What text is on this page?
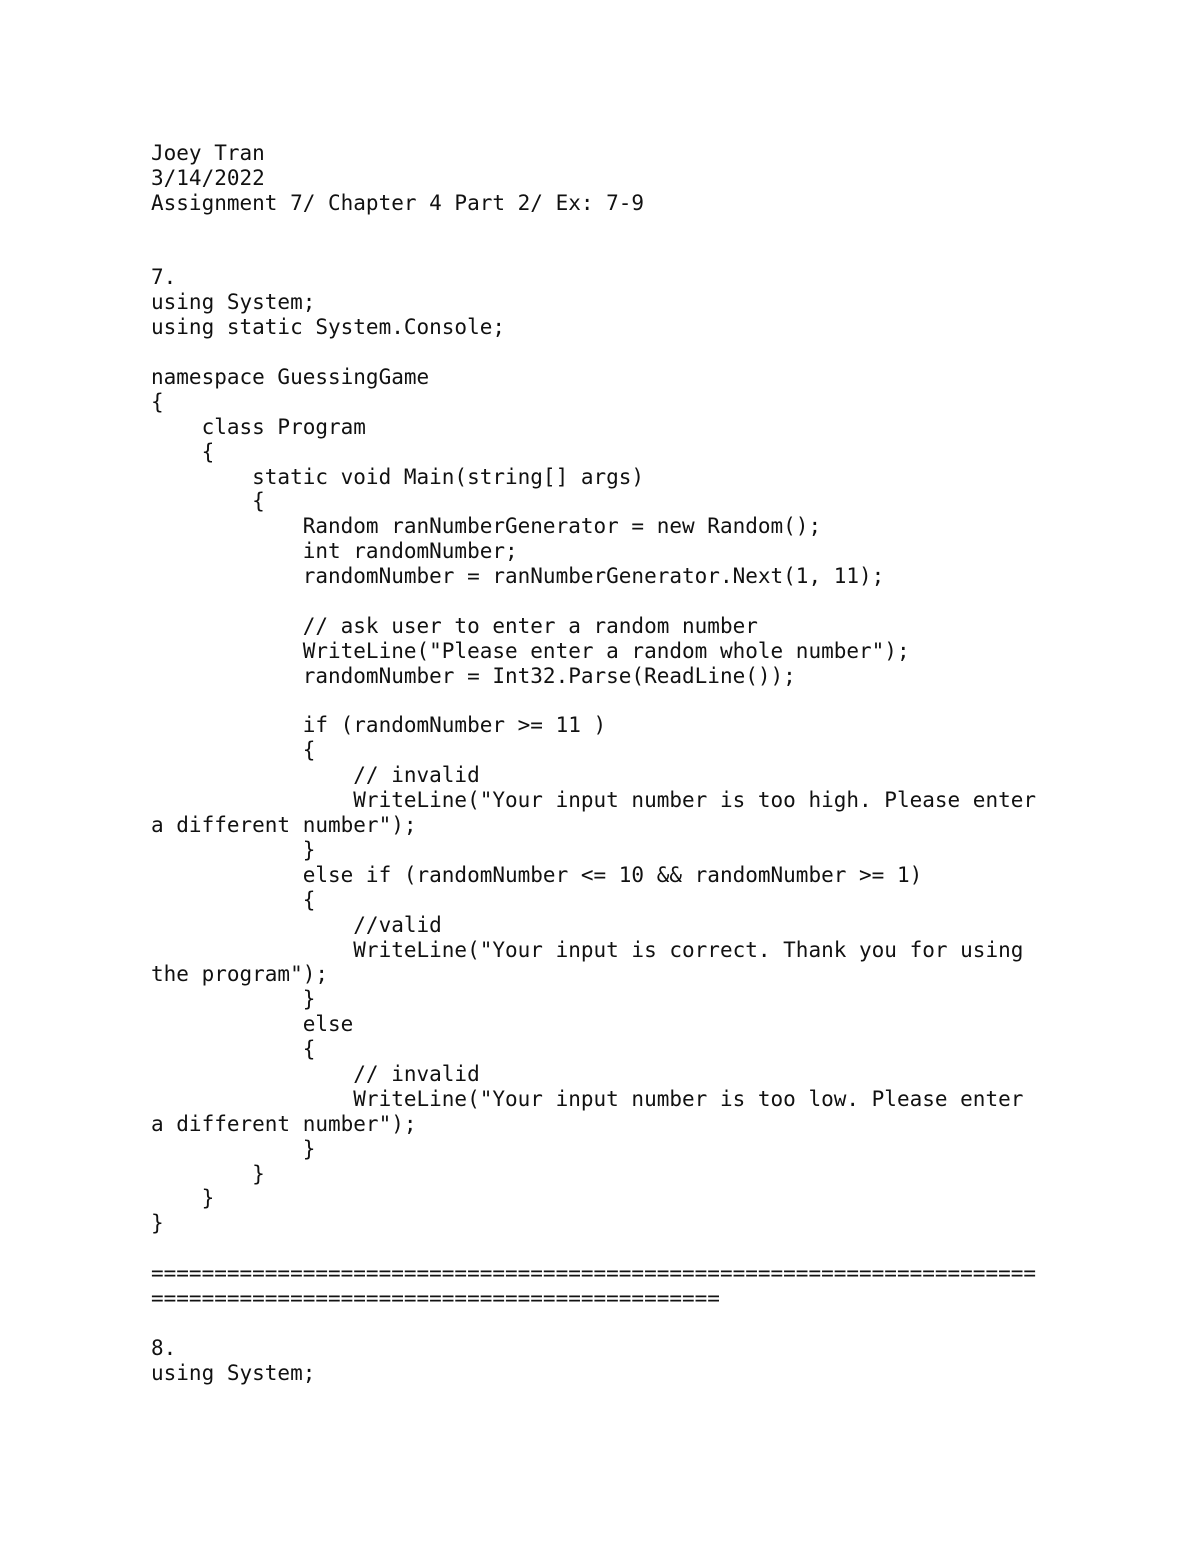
Joey Tran
3/14/2022
Assignment 7/ Chapter 4 Part 2/ Ex: 7-9
7.
using System;
using static System.Console;
namespace GuessingGame
{
class Program
{
static void Main(string[] args)
{
Random ranNumberGenerator = new Random();
int randomNumber;
randomNumber = ranNumberGenerator.Next(1, 11);
// ask user to enter a random number
WriteLine("Please enter a random whole number");
randomNumber = Int32.Parse(ReadLine());
if (randomNumber >= 11 )
{
// invalid
WriteLine("Your input number is too high. Please enter
a different number");
}
else if (randomNumber <= 10 && randomNumber >= 1)
{
//valid
WriteLine("Your input is correct. Thank you for using
the program");
}
else
{
// invalid
WriteLine("Your input number is too low. Please enter
a different number");
}
}
}
}
======================================================================
=============================================
8.
using System;
